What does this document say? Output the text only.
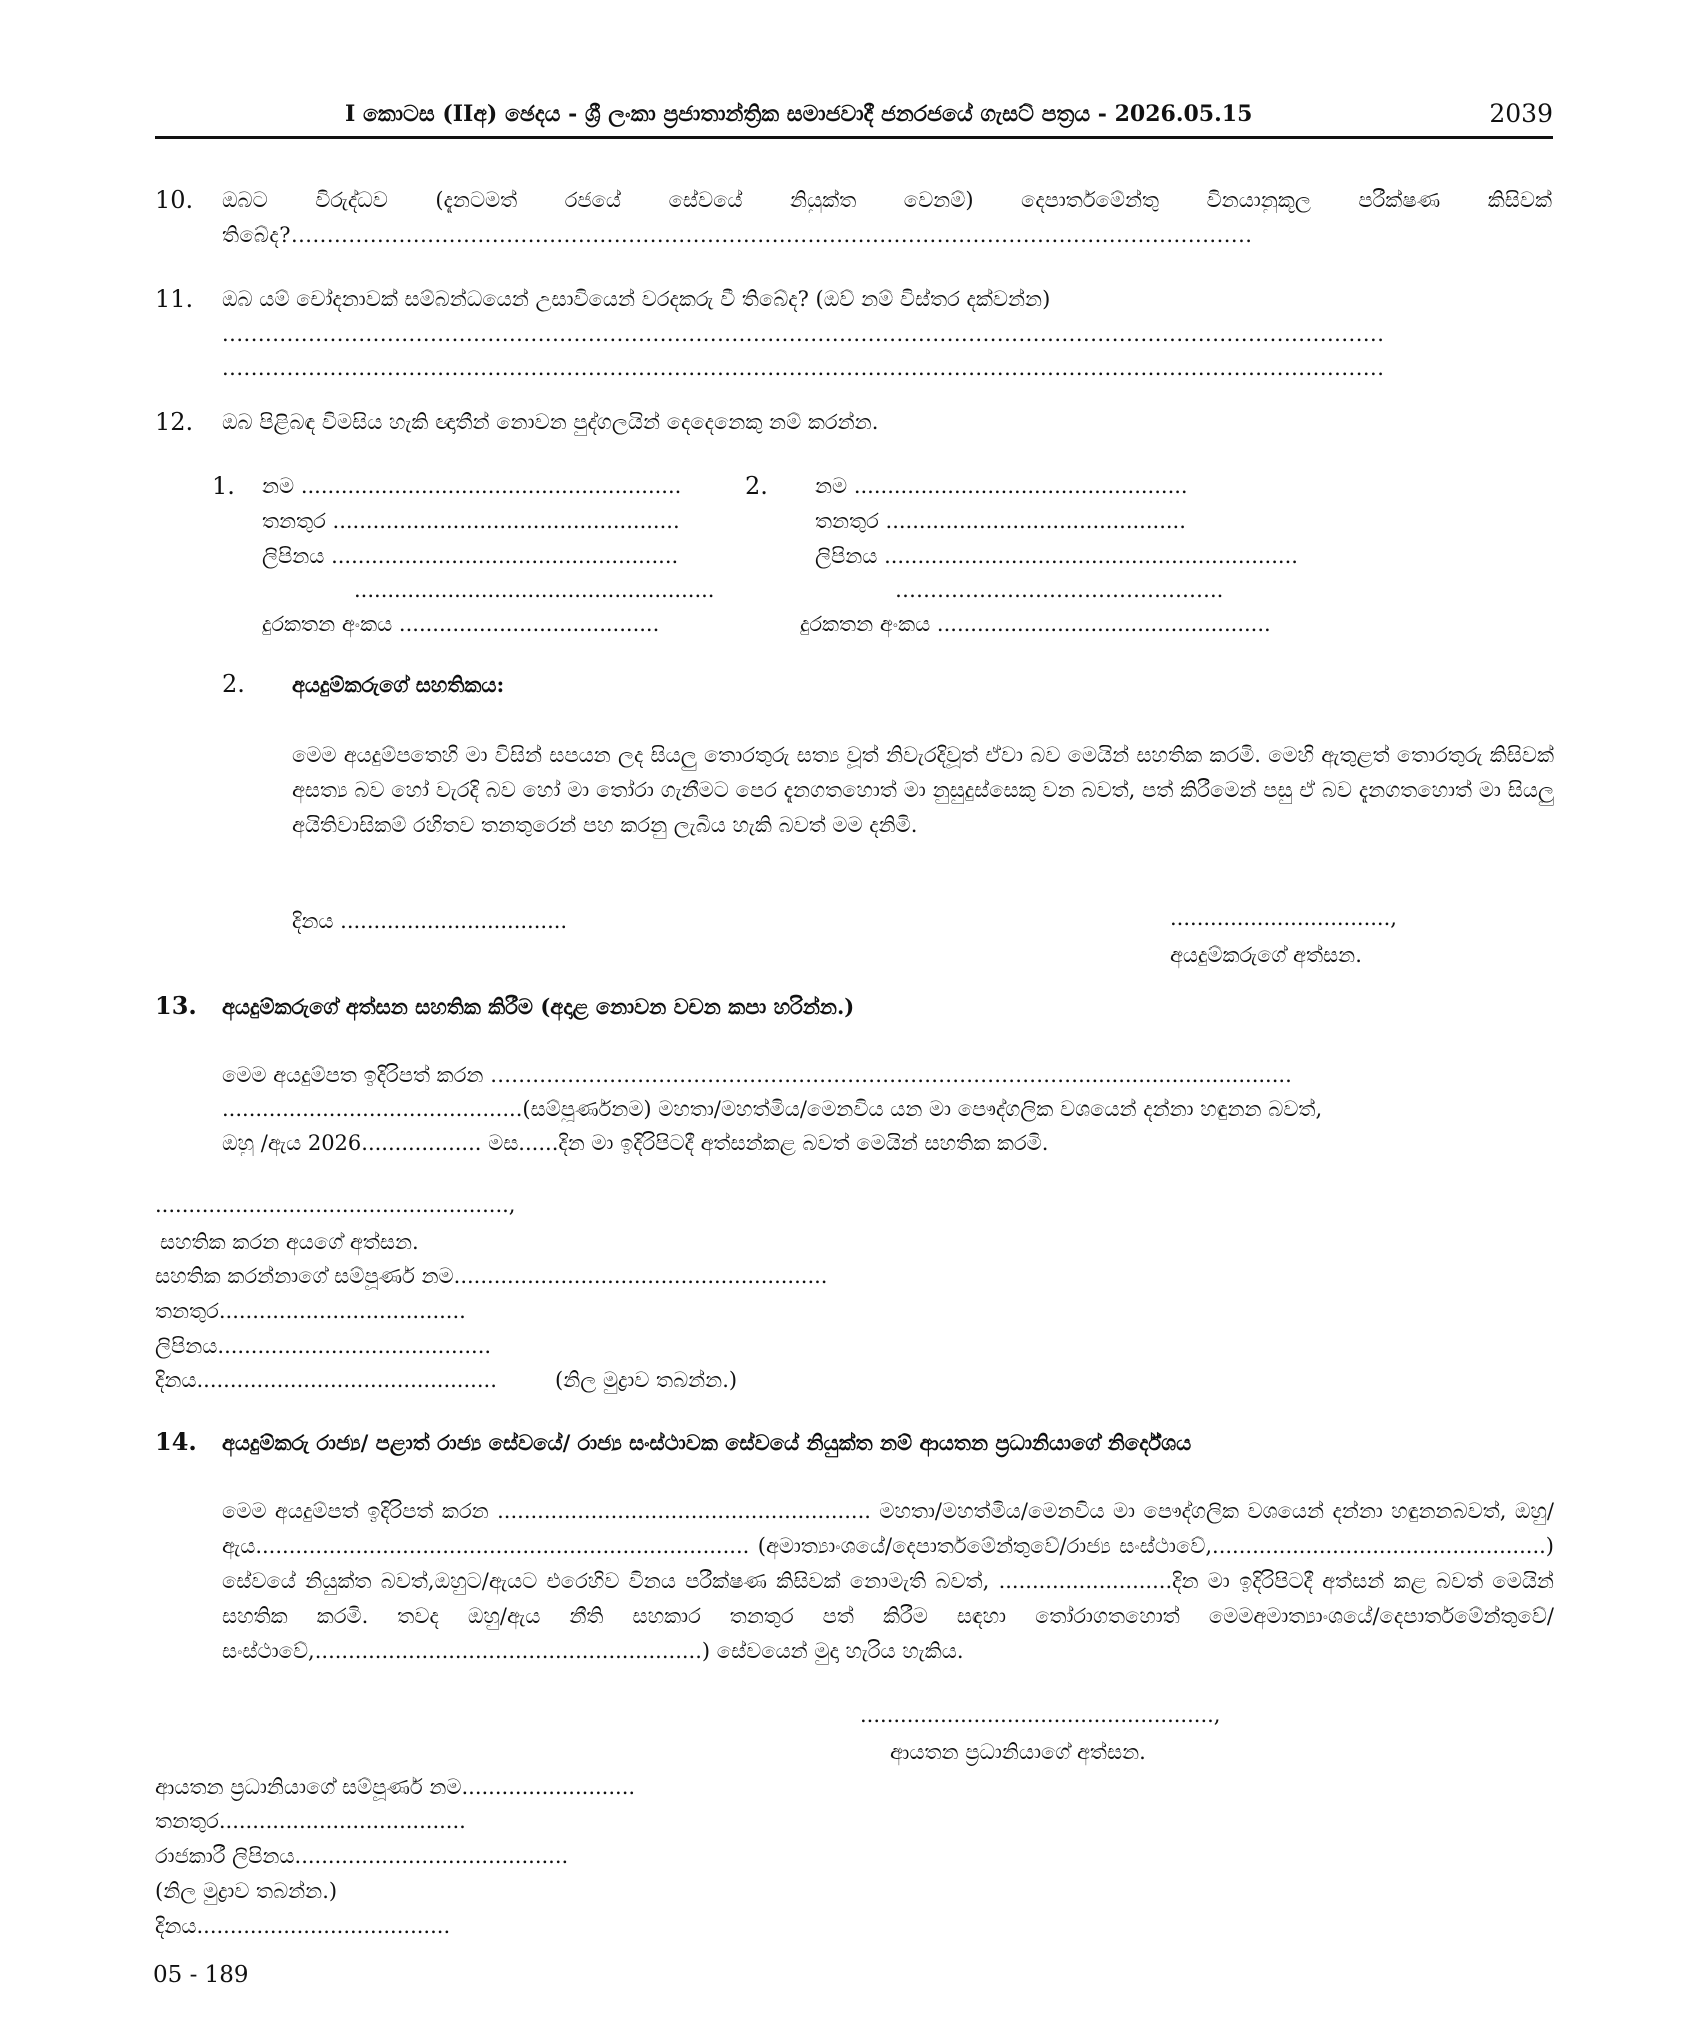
I කොටස (IIඅ) ඡෙදය - ශ්‍රී ලංකා ප්‍රජාතාන්ත්‍රික සමාජවාදී ජනරජයේ ගැසට් පත්‍රය - 2026.05.15	2039
10. ඔබට විරුද්ධව (දැනටමත් රජයේ සේවයේ නියුක්ත වෙනම්) දෙපාර්තමේන්තු විනයානුකූල පරීක්ෂණ කිසිවක්
තිබේද?......................................................................................................................................
11. ඔබ යම් චෝදනාවක් සම්බන්ධයෙන් උසාවියෙන් වරදකරු වී තිබේද? (ඔව් නම් විස්තර දක්වන්න)
..................................................................................................................................................................
..................................................................................................................................................................
12. ඔබ පිළිබඳ විමසිය හැකි ඥාතීන් නොවන පුද්ගලයින් දෙදෙනෙකු නම් කරන්න.
1. නම .........................................................
තනතුර ....................................................
ලිපිනය ....................................................
......................................................
දුරකතන අංකය .......................................
2. නම ..................................................
තනතුර .............................................
ලිපිනය ..............................................................
………………………………………..
දුරකතන අංකය ..................................................
2. අයදුම්කරුගේ සහතිකය:
මෙම අයදුම්පතෙහි මා විසින් සපයන ලද සියලු තොරතුරු සත්‍ය වූත් නිවැරදිවූත් ඒවා බව මෙයින් සහතික කරමි. මෙහි ඇතුළත් තොරතුරු කිසිවක් අසත්‍ය බව හෝ වැරදි බව හෝ මා තෝරා ගැනීමට පෙර දැනගතහොත් මා නුසුදුස්සෙකු වන බවත්, පත් කිරීමෙන් පසු ඒ බව දැනගතහොත් මා සියලු අයිතිවාසිකම් රහිතව තනතුරෙන් පහ කරනු ලැබිය හැකි බවත් මම දනිමි.
දිනය ..................................	.................................,
අයදුම්කරුගේ අත්සන.
13. අයදුම්කරුගේ අත්සන සහතික කිරීම (අදාළ නොවන වචන කපා හරින්න.)
මෙම අයදුම්පත ඉදිරිපත් කරන …………………………………………………………………………................................
.............................................(සම්පූර්ණනම) මහතා/මහත්මිය/මෙනවිය යන මා පෞද්ගලික වශයෙන් දන්නා හඳුනන බවත්,
ඔහු /ඇය 2026.................. මස......දින මා ඉදිරිපිටදී අත්සන්කළ බවත් මෙයින් සහතික කරමි.
.....................................................,
සහතික කරන අයගේ අත්සන.
සහතික කරන්නාගේ සම්පූර්ණ නම........................................................
තනතුර.....................................
ලිපිනය.........................................
දිනය.............................................	(නිල මුද්‍රාව තබන්න.)
14. අයදුම්කරු රාජ්‍ය/ පළාත් රාජ්‍ය සේවයේ/ රාජ්‍ය සංස්ථාවක සේවයේ නියුක්ත නම් ආයතන ප්‍රධානියාගේ නිර්දේශය
මෙම අයදුම්පත් ඉදිරිපත් කරන ........................................................ මහතා/මහත්මිය/මෙනවිය මා පෞද්ගලික වශයෙන් දන්නා හඳුනනබවත්, ඔහු/ඇය.......................................................................... (අමාත්‍යාංශයේ/දෙපාර්තමේන්තුවේ/රාජ්‍ය සංස්ථාවේ,..................................................) සේවයේ නියුක්ත බවත්,ඔහුට/ඇයට එරෙහිව විනය පරීක්ෂණ කිසිවක් නොමැති බවත්, ..........................දින මා ඉදිරිපිටදී අත්සන් කළ බවත් මෙයින් සහතික කරමි. තවද ඔහු/ඇය නීති සහකාර තනතුර පත් කිරීම සඳහා තෝරාගතහොත් මෙමඅමාත්‍යාංශයේ/දෙපාර්තමේන්තුවේ/සංස්ථාවේ,..........................................................) සේවයෙන් මුදා හැරිය හැකිය.
.....................................................,
ආයතන ප්‍රධානියාගේ අත්සන.
ආයතන ප්‍රධානියාගේ සම්පූර්ණ නම..........................
තනතුර.....................................
රාජකාරී ලිපිනය.........................................
(නිල මුද්‍රාව තබන්න.)
දිනය......................................
05 - 189
